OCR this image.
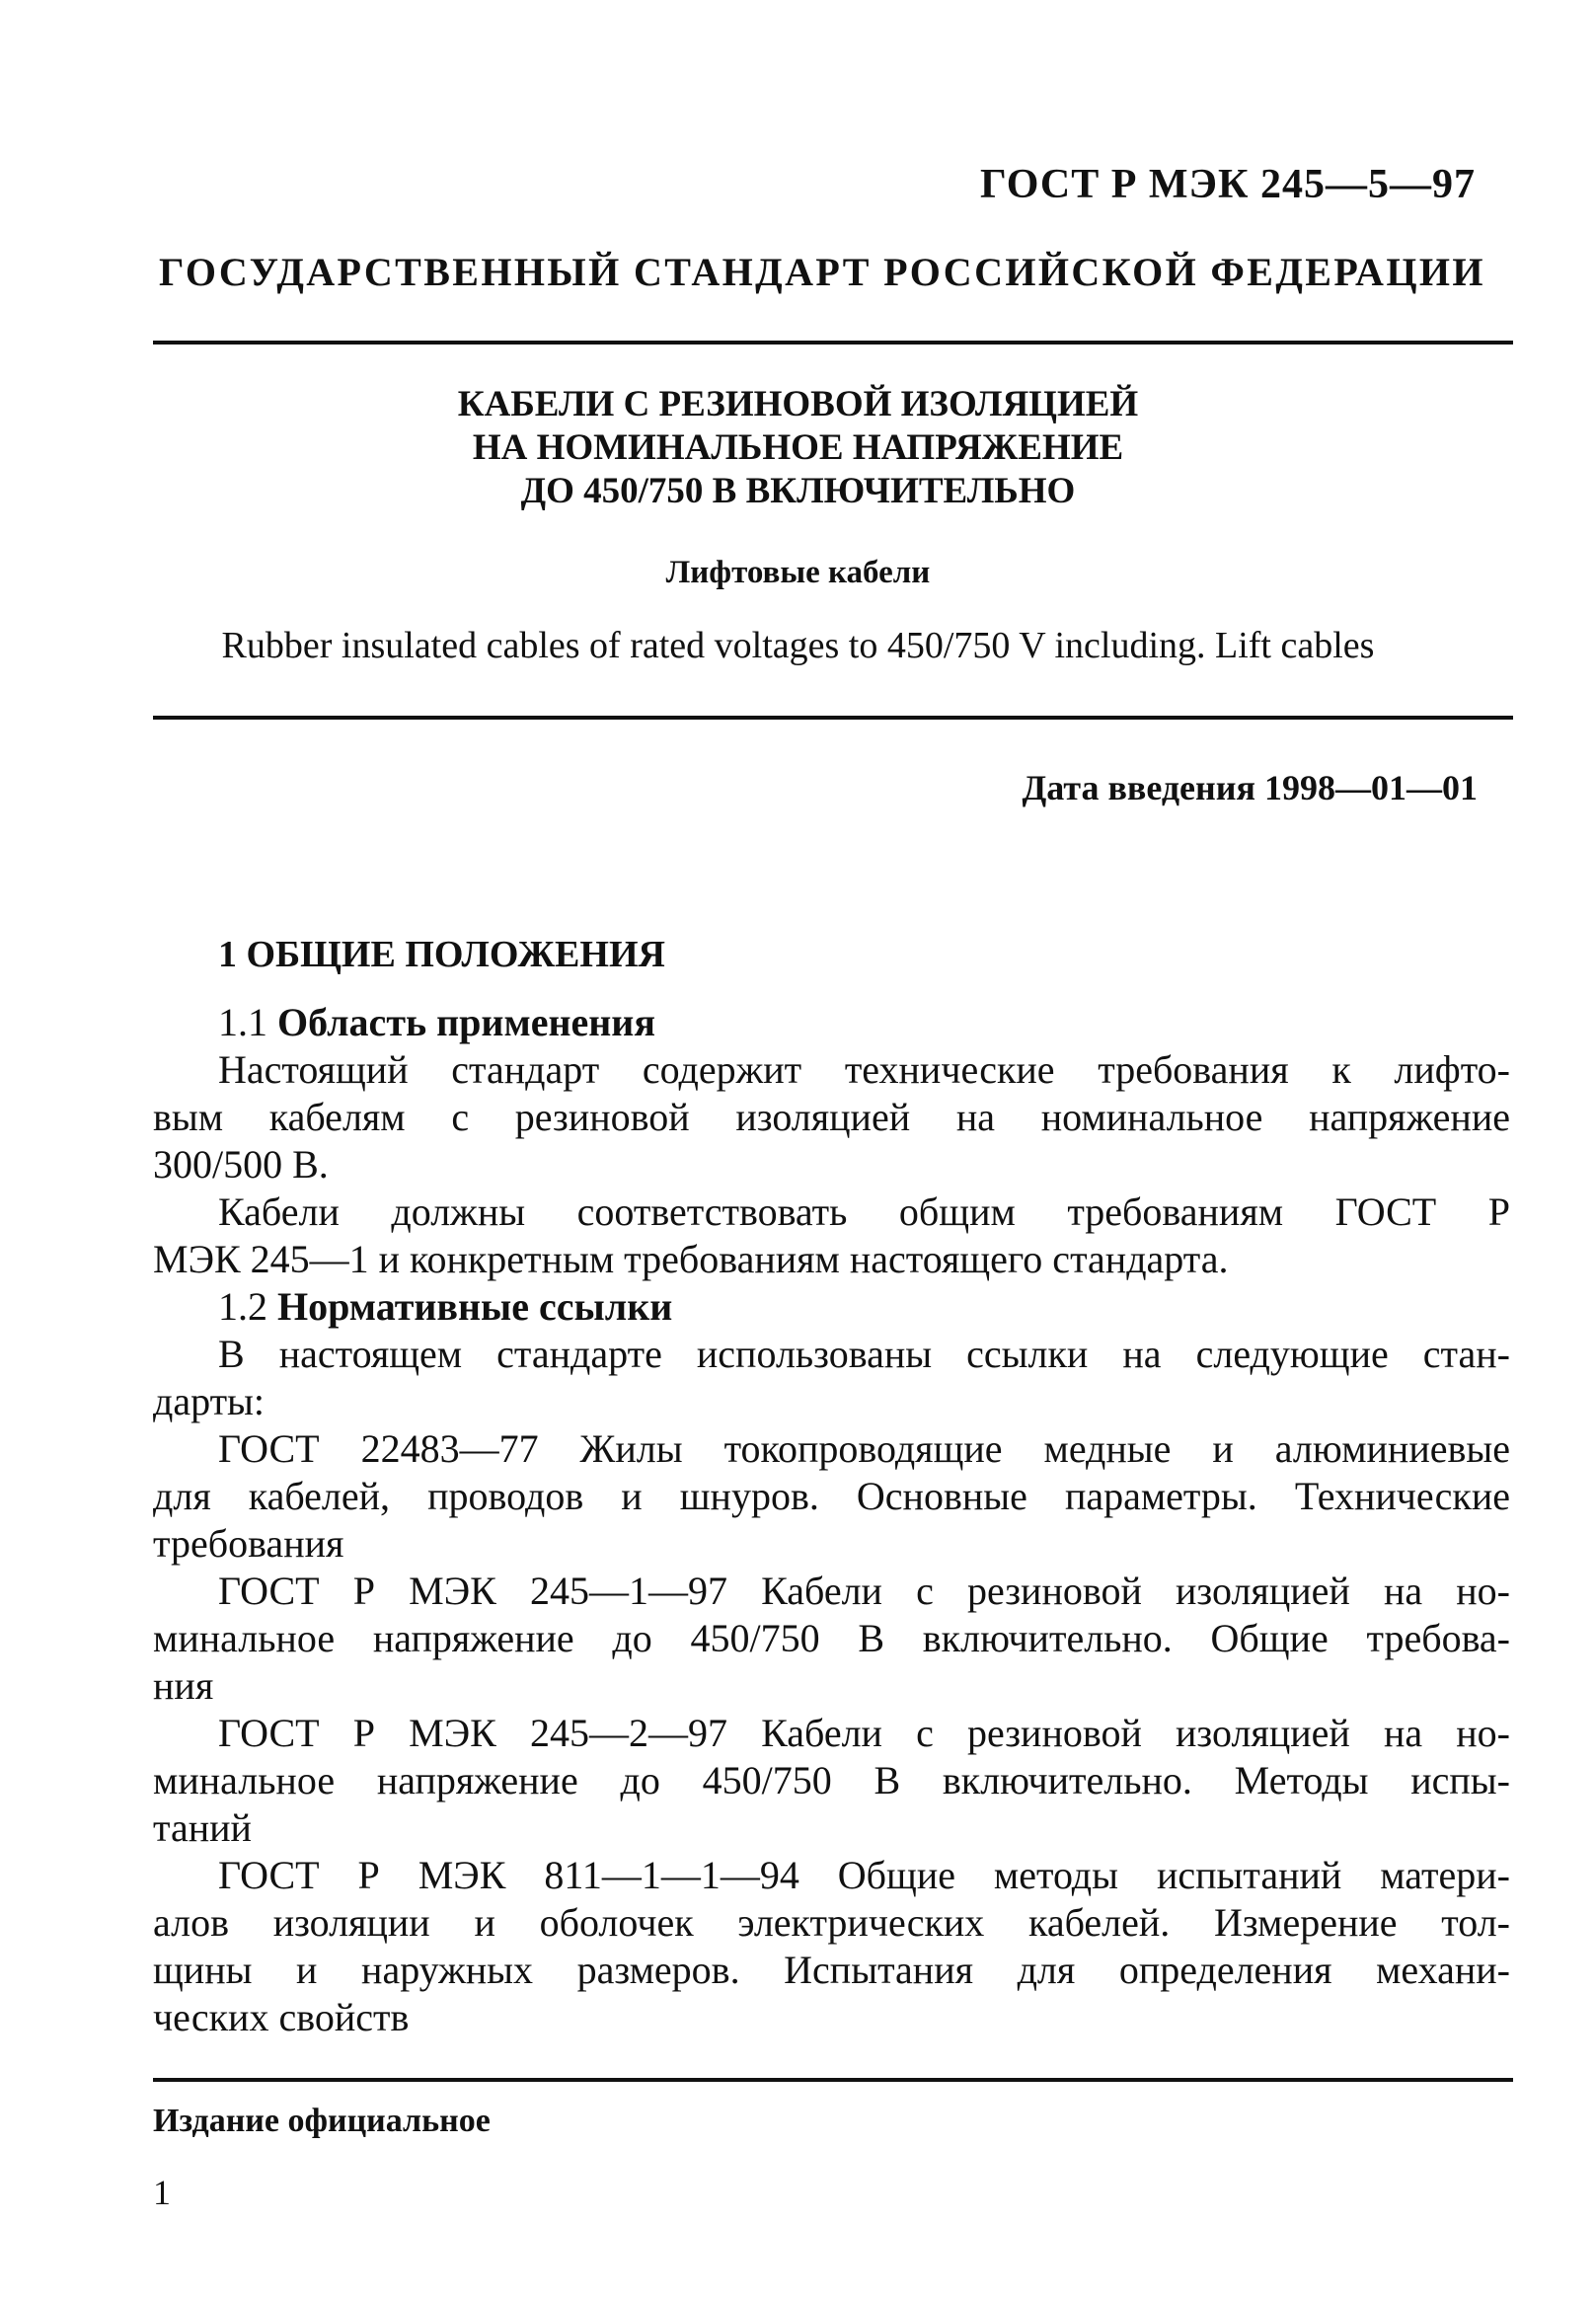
ГОСТ Р МЭК 245—5—97
ГОСУДАРСТВЕННЫЙ СТАНДАРТ РОССИЙСКОЙ ФЕДЕРАЦИИ
КАБЕЛИ С РЕЗИНОВОЙ ИЗОЛЯЦИЕЙ
НА НОМИНАЛЬНОЕ НАПРЯЖЕНИЕ
ДО 450/750 В ВКЛЮЧИТЕЛЬНО
Лифтовые кабели
Rubber insulated cables of rated voltages to 450/750 V including. Lift cables
Дата введения 1998—01—01
1 ОБЩИЕ ПОЛОЖЕНИЯ
1.1 Область применения
Настоящий стандарт содержит технические требования к лифто-
вым кабелям с резиновой изоляцией на номинальное напряжение
300/500 В.
Кабели должны соответствовать общим требованиям ГОСТ Р
МЭК 245—1 и конкретным требованиям настоящего стандарта.
1.2 Нормативные ссылки
В настоящем стандарте использованы ссылки на следующие стан-
дарты:
ГОСТ 22483—77 Жилы токопроводящие медные и алюминиевые
для кабелей, проводов и шнуров. Основные параметры. Технические
требования
ГОСТ Р МЭК 245—1—97 Кабели с резиновой изоляцией на но-
минальное напряжение до 450/750 В включительно. Общие требова-
ния
ГОСТ Р МЭК 245—2—97 Кабели с резиновой изоляцией на но-
минальное напряжение до 450/750 В включительно. Методы испы-
таний
ГОСТ Р МЭК 811—1—1—94 Общие методы испытаний матери-
алов изоляции и оболочек электрических кабелей. Измерение тол-
щины и наружных размеров. Испытания для определения механи-
ческих свойств
Издание официальное
1
